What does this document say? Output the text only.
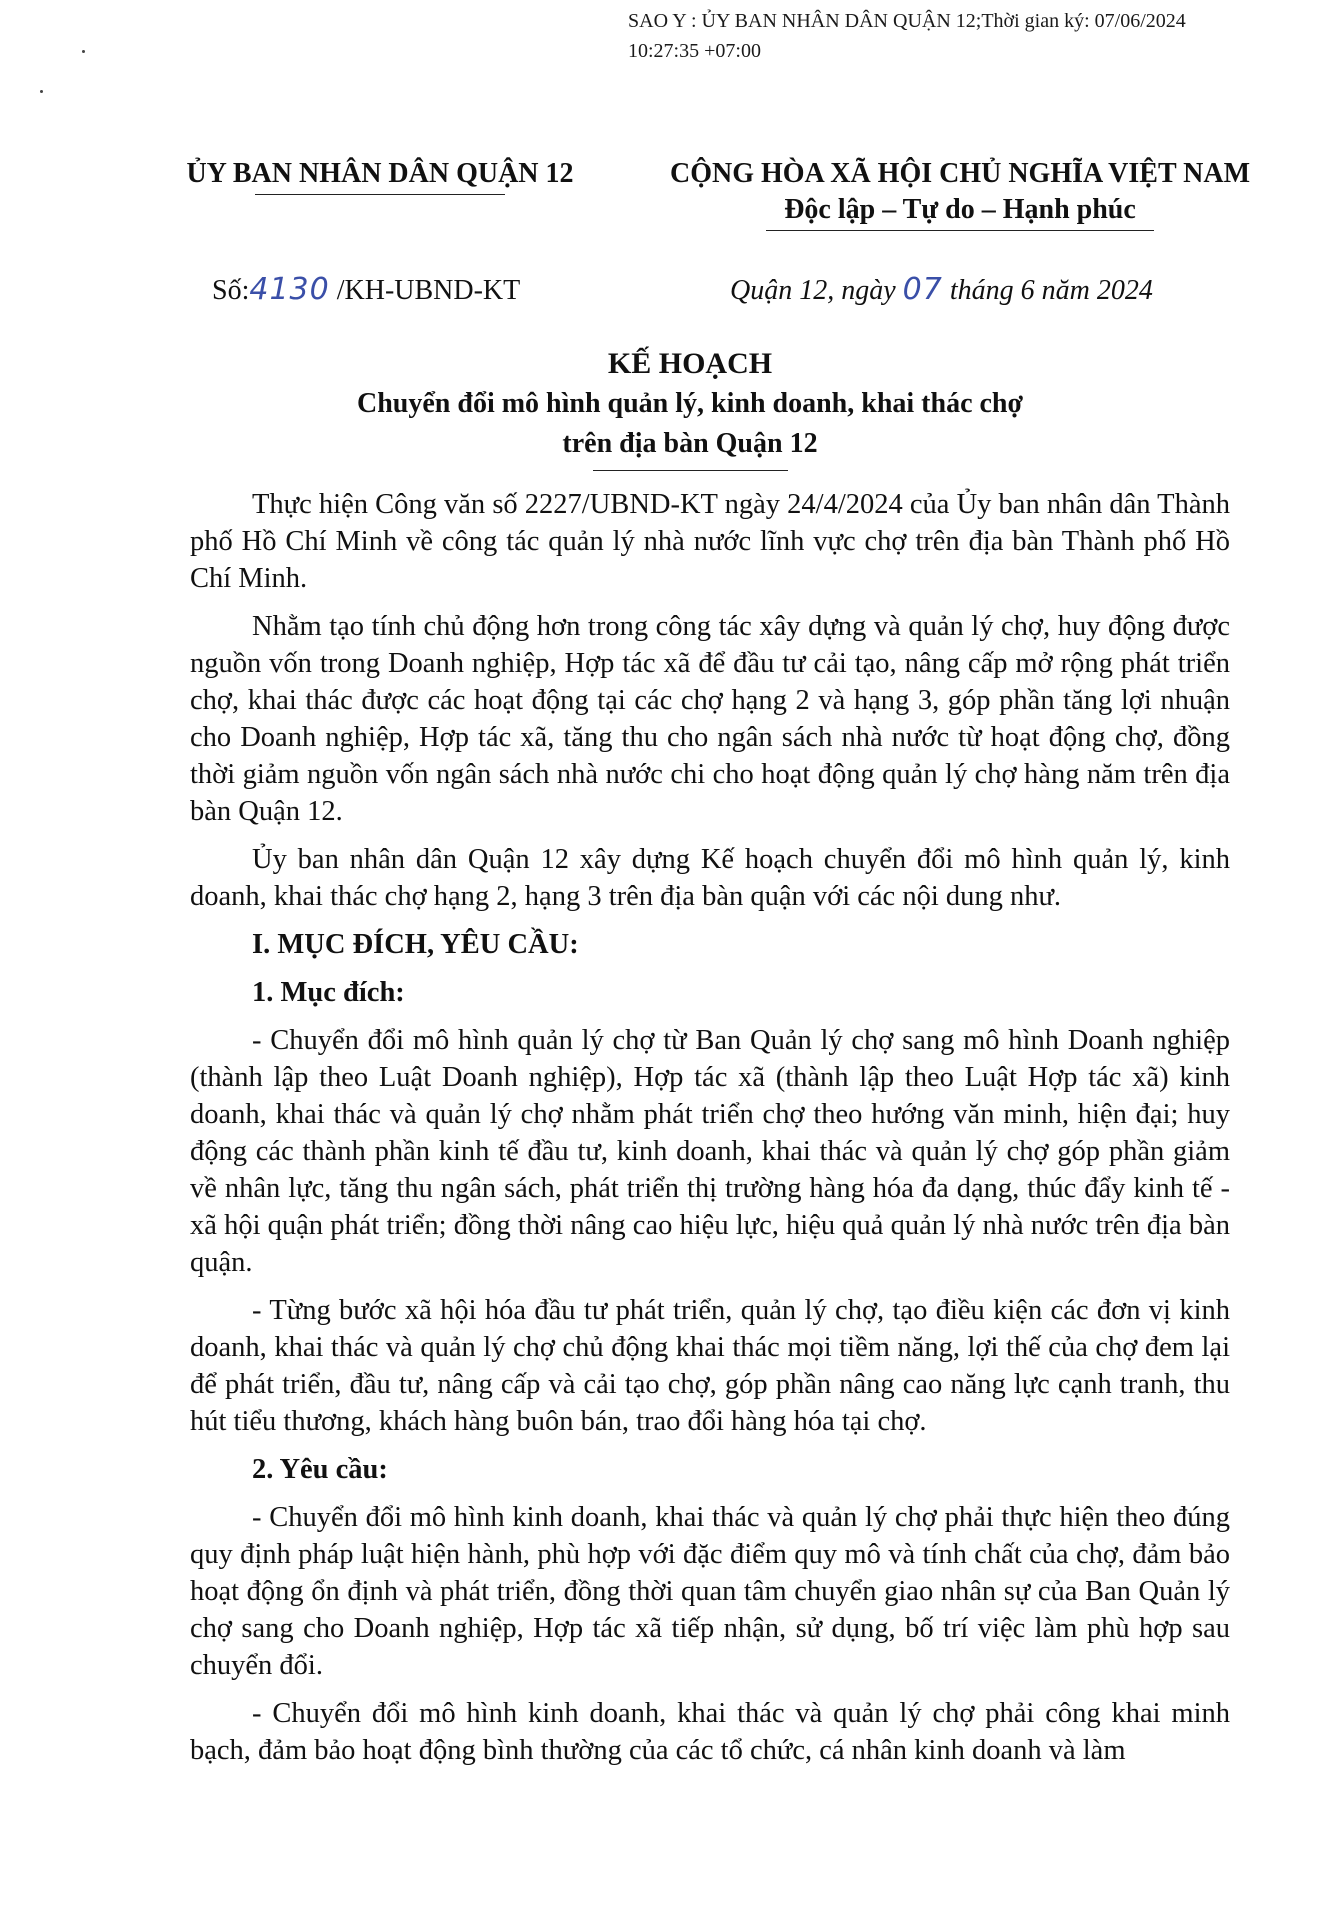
SAO Y : ỦY BAN NHÂN DÂN QUẬN 12;Thời gian ký: 07/06/2024
10:27:35 +07:00
ỦY BAN NHÂN DÂN QUẬN 12	CỘNG HÒA XÃ HỘI CHỦ NGHĨA VIỆT NAM
Độc lập – Tự do – Hạnh phúc
Số:4130 /KH-UBND-KT	Quận 12, ngày 07 tháng 6 năm 2024
KẾ HOẠCH
Chuyển đổi mô hình quản lý, kinh doanh, khai thác chợ
trên địa bàn Quận 12

Thực hiện Công văn số 2227/UBND-KT ngày 24/4/2024 của Ủy ban nhân dân Thành phố Hồ Chí Minh về công tác quản lý nhà nước lĩnh vực chợ trên địa bàn Thành phố Hồ Chí Minh.

Nhằm tạo tính chủ động hơn trong công tác xây dựng và quản lý chợ, huy động được nguồn vốn trong Doanh nghiệp, Hợp tác xã để đầu tư cải tạo, nâng cấp mở rộng phát triển chợ, khai thác được các hoạt động tại các chợ hạng 2 và hạng 3, góp phần tăng lợi nhuận cho Doanh nghiệp, Hợp tác xã, tăng thu cho ngân sách nhà nước từ hoạt động chợ, đồng thời giảm nguồn vốn ngân sách nhà nước chi cho hoạt động quản lý chợ hàng năm trên địa bàn Quận 12.

Ủy ban nhân dân Quận 12 xây dựng Kế hoạch chuyển đổi mô hình quản lý, kinh doanh, khai thác chợ hạng 2, hạng 3 trên địa bàn quận với các nội dung như.

I. MỤC ĐÍCH, YÊU CẦU:

1. Mục đích:

- Chuyển đổi mô hình quản lý chợ từ Ban Quản lý chợ sang mô hình Doanh nghiệp (thành lập theo Luật Doanh nghiệp), Hợp tác xã (thành lập theo Luật Hợp tác xã) kinh doanh, khai thác và quản lý chợ nhằm phát triển chợ theo hướng văn minh, hiện đại; huy động các thành phần kinh tế đầu tư, kinh doanh, khai thác và quản lý chợ góp phần giảm về nhân lực, tăng thu ngân sách, phát triển thị trường hàng hóa đa dạng, thúc đẩy kinh tế - xã hội quận phát triển; đồng thời nâng cao hiệu lực, hiệu quả quản lý nhà nước trên địa bàn quận.

- Từng bước xã hội hóa đầu tư phát triển, quản lý chợ, tạo điều kiện các đơn vị kinh doanh, khai thác và quản lý chợ chủ động khai thác mọi tiềm năng, lợi thế của chợ đem lại để phát triển, đầu tư, nâng cấp và cải tạo chợ, góp phần nâng cao năng lực cạnh tranh, thu hút tiểu thương, khách hàng buôn bán, trao đổi hàng hóa tại chợ.

2. Yêu cầu:

- Chuyển đổi mô hình kinh doanh, khai thác và quản lý chợ phải thực hiện theo đúng quy định pháp luật hiện hành, phù hợp với đặc điểm quy mô và tính chất của chợ, đảm bảo hoạt động ổn định và phát triển, đồng thời quan tâm chuyển giao nhân sự của Ban Quản lý chợ sang cho Doanh nghiệp, Hợp tác xã tiếp nhận, sử dụng, bố trí việc làm phù hợp sau chuyển đổi.

- Chuyển đổi mô hình kinh doanh, khai thác và quản lý chợ phải công khai minh bạch, đảm bảo hoạt động bình thường của các tổ chức, cá nhân kinh doanh và làm
